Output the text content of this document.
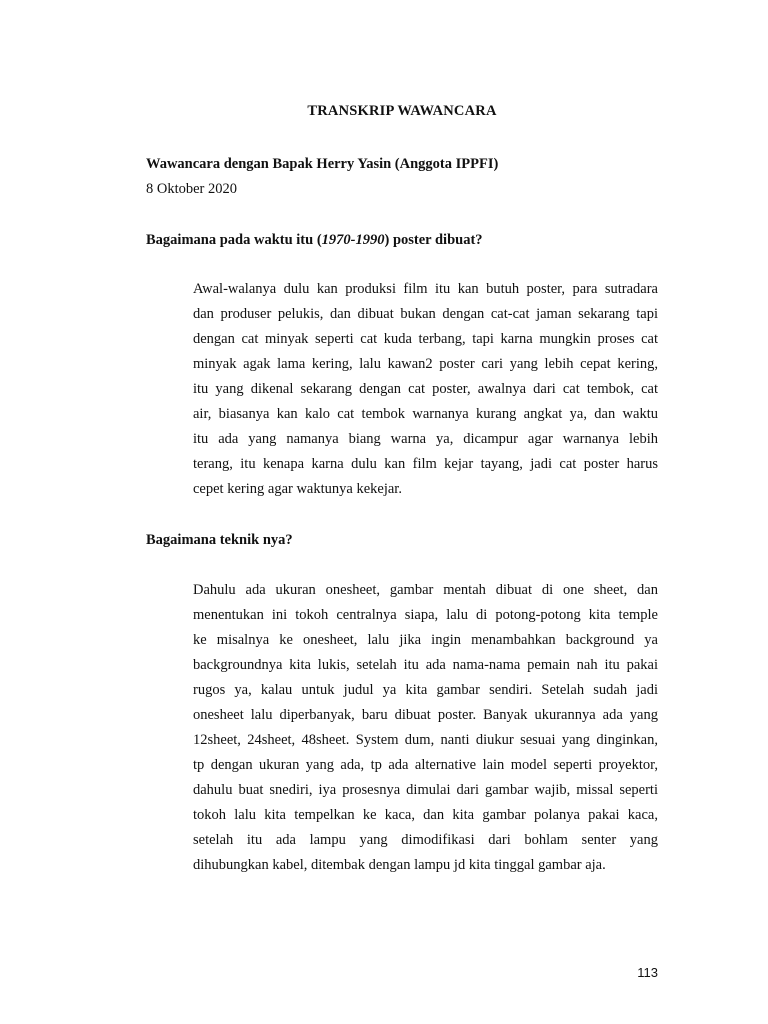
TRANSKRIP WAWANCARA
Wawancara dengan Bapak Herry Yasin (Anggota IPPFI)
8 Oktober 2020
Bagaimana pada waktu itu (1970-1990) poster dibuat?
Awal-walanya dulu kan produksi film itu kan butuh poster, para sutradara
dan produser pelukis, dan dibuat bukan dengan cat-cat jaman sekarang tapi
dengan cat minyak seperti cat kuda terbang, tapi karna mungkin proses cat
minyak agak lama kering, lalu kawan2 poster cari yang lebih cepat kering,
itu yang dikenal sekarang dengan cat poster, awalnya dari cat tembok, cat
air, biasanya kan kalo cat tembok warnanya kurang angkat ya, dan waktu
itu ada yang namanya biang warna ya, dicampur agar warnanya lebih
terang, itu kenapa karna dulu kan film kejar tayang, jadi cat poster harus
cepet kering agar waktunya kekejar.
Bagaimana teknik nya?
Dahulu ada ukuran onesheet, gambar mentah dibuat di one sheet, dan
menentukan ini tokoh centralnya siapa, lalu di potong-potong kita temple
ke misalnya ke onesheet, lalu jika ingin menambahkan background ya
backgroundnya kita lukis, setelah itu ada nama-nama pemain nah itu pakai
rugos ya, kalau untuk judul ya kita gambar sendiri. Setelah sudah jadi
onesheet lalu diperbanyak, baru dibuat poster. Banyak ukurannya ada yang
12sheet, 24sheet, 48sheet. System dum, nanti diukur sesuai yang dinginkan,
tp dengan ukuran yang ada, tp ada alternative lain model seperti proyektor,
dahulu buat snediri, iya prosesnya dimulai dari gambar wajib, missal seperti
tokoh lalu kita tempelkan ke kaca, dan kita gambar polanya pakai kaca,
setelah itu ada lampu yang dimodifikasi dari bohlam senter yang
dihubungkan kabel, ditembak dengan lampu jd kita tinggal gambar aja.
113
